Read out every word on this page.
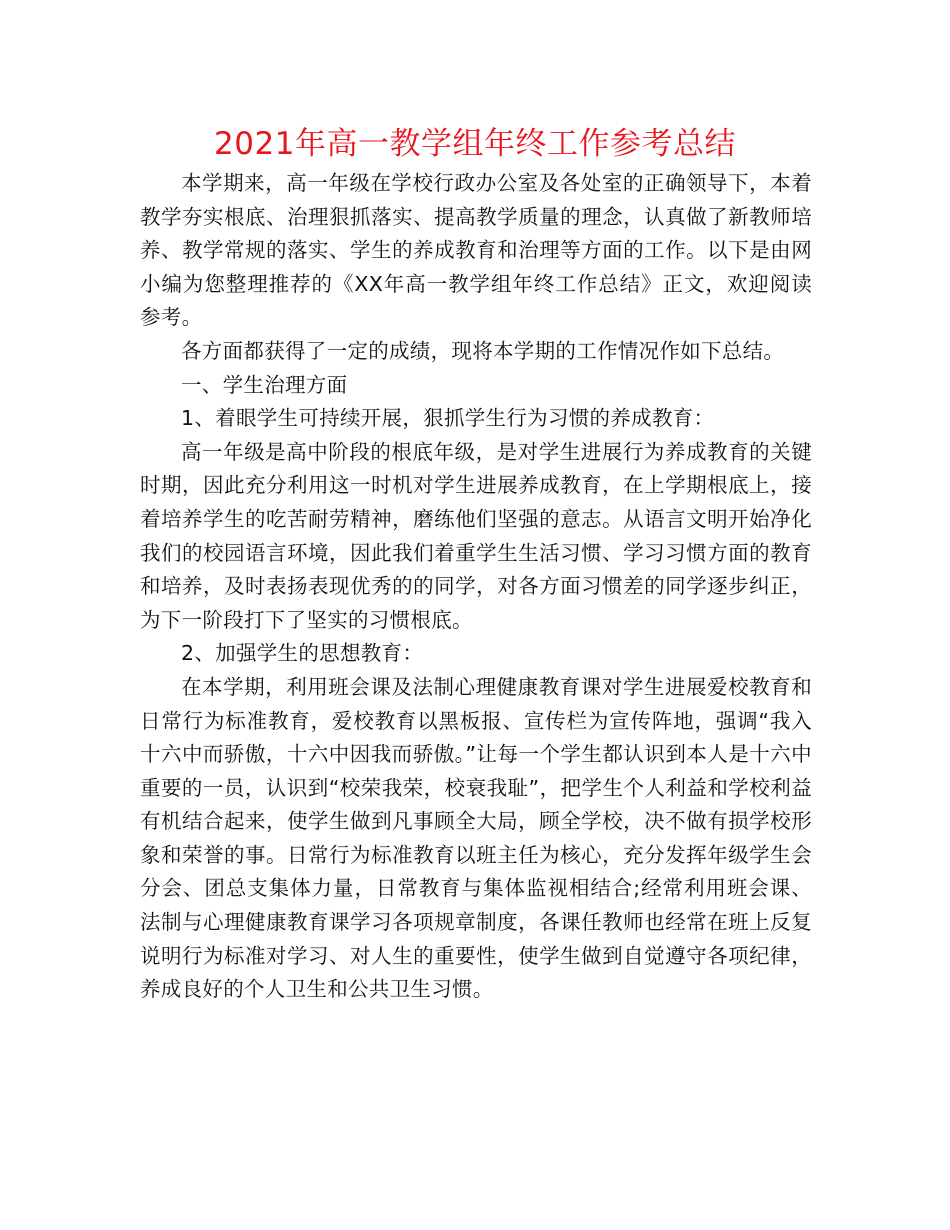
2021年高一教学组年终工作参考总结

本学期来，高一年级在学校行政办公室及各处室的正确领导下，本着教学夯实根底、治理狠抓落实、提高教学质量的理念，认真做了新教师培养、教学常规的落实、学生的养成教育和治理等方面的工作。以下是由网小编为您整理推荐的《XX年高一教学组年终工作总结》正文，欢迎阅读参考。

各方面都获得了一定的成绩，现将本学期的工作情况作如下总结。

一、学生治理方面

1、着眼学生可持续开展，狠抓学生行为习惯的养成教育：

高一年级是高中阶段的根底年级，是对学生进展行为养成教育的关键时期，因此充分利用这一时机对学生进展养成教育，在上学期根底上，接着培养学生的吃苦耐劳精神，磨练他们坚强的意志。从语言文明开始净化我们的校园语言环境，因此我们着重学生生活习惯、学习习惯方面的教育和培养，及时表扬表现优秀的的同学，对各方面习惯差的同学逐步纠正，为下一阶段打下了坚实的习惯根底。

2、加强学生的思想教育：

在本学期，利用班会课及法制心理健康教育课对学生进展爱校教育和日常行为标准教育，爱校教育以黑板报、宣传栏为宣传阵地，强调“我入十六中而骄傲，十六中因我而骄傲。”让每一个学生都认识到本人是十六中重要的一员，认识到“校荣我荣，校衰我耻”，把学生个人利益和学校利益有机结合起来，使学生做到凡事顾全大局，顾全学校，决不做有损学校形象和荣誉的事。日常行为标准教育以班主任为核心，充分发挥年级学生会分会、团总支集体力量，日常教育与集体监视相结合;经常利用班会课、法制与心理健康教育课学习各项规章制度，各课任教师也经常在班上反复说明行为标准对学习、对人生的重要性，使学生做到自觉遵守各项纪律，养成良好的个人卫生和公共卫生习惯。
